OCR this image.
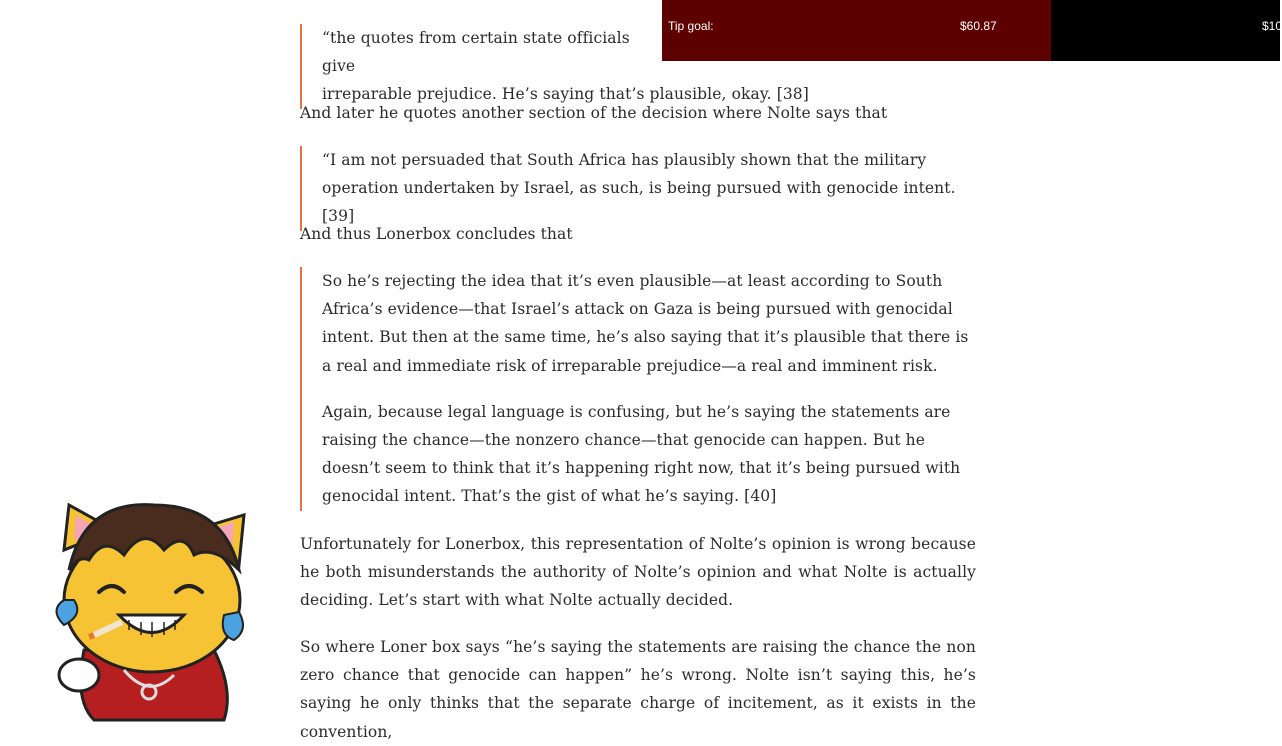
“the quotes from certain state officials give

irreparable prejudice. He’s saying that’s plausible, okay. [38]

And later he quotes another section of the decision where Nolte says that

“I am not persuaded that South Africa has plausibly shown that the military operation undertaken by Israel, as such, is being pursued with genocide intent. [39]

And thus Lonerbox concludes that

So he’s rejecting the idea that it’s even plausible—at least according to South Africa’s evidence—that Israel’s attack on Gaza is being pursued with genocidal intent. But then at the same time, he’s also saying that it’s plausible that there is a real and immediate risk of irreparable prejudice—a real and imminent risk.

Again, because legal language is confusing, but he’s saying the statements are raising the chance—the nonzero chance—that genocide can happen. But he doesn’t seem to think that it’s happening right now, that it’s being pursued with genocidal intent. That’s the gist of what he’s saying. [40]

Unfortunately for Lonerbox, this representation of Nolte’s opinion is wrong because he both misunderstands the authority of Nolte’s opinion and what Nolte is actually deciding. Let’s start with what Nolte actually decided.

So where Loner box says “he’s saying the statements are raising the chance the non zero chance that genocide can happen” he’s wrong. Nolte isn’t saying this, he’s saying he only thinks that the separate charge of incitement, as it exists in the convention,

Tip goal:	$60.87	$10
